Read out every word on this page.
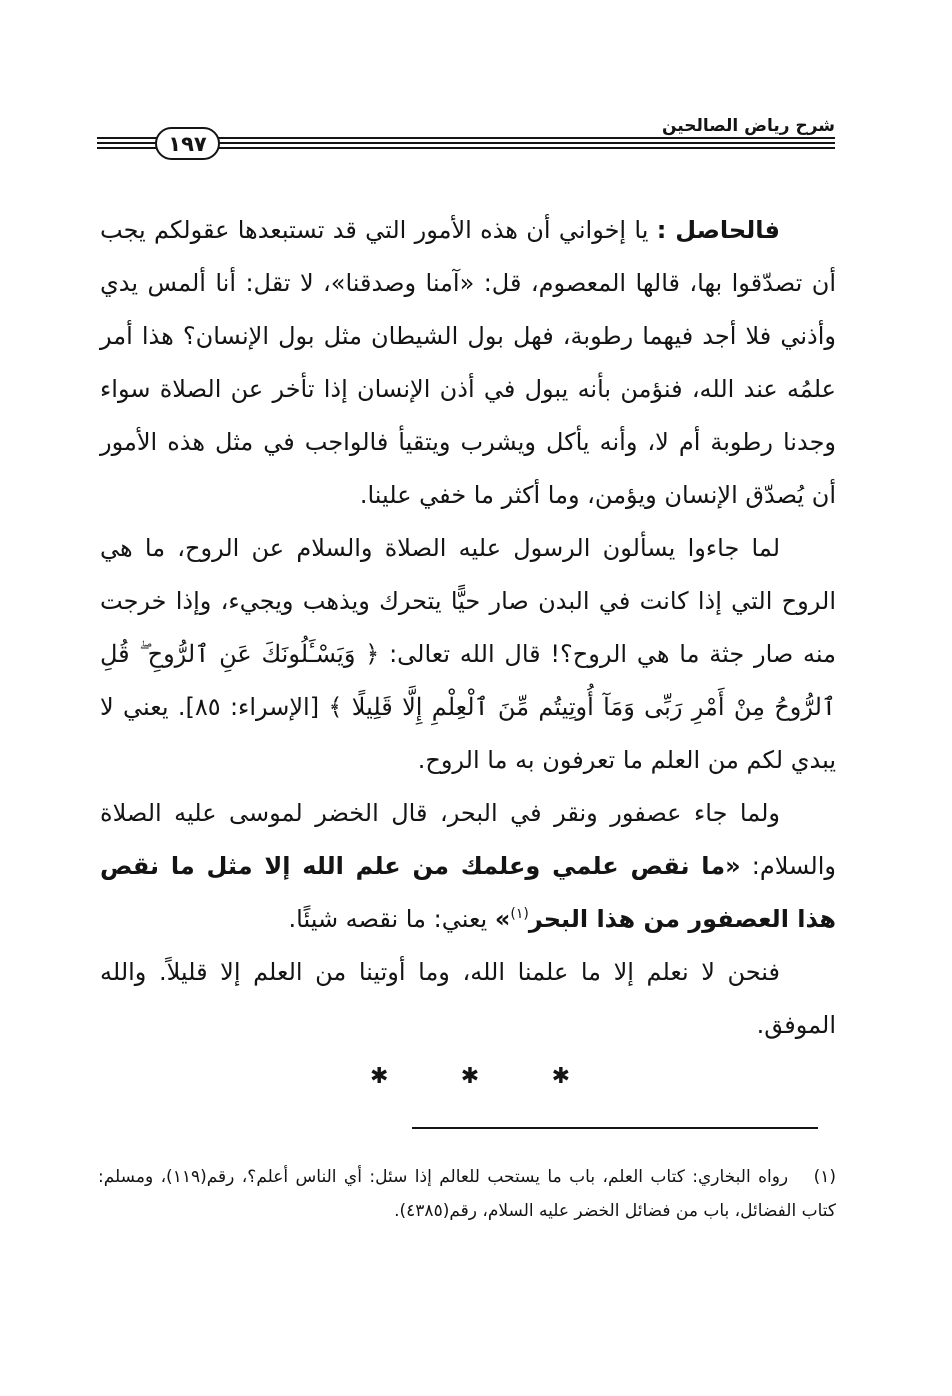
شرح رياض الصالحين
١٩٧

فالحاصل : يا إخواني أن هذه الأمور التي قد تستبعدها عقولكم يجب أن تصدّقوا بها، قالها المعصوم، قل: «آمنا وصدقنا»، لا تقل: أنا ألمس يدي وأذني فلا أجد فيهما رطوبة، فهل بول الشيطان مثل بول الإنسان؟ هذا أمر علمُه عند الله، فنؤمن بأنه يبول في أذن الإنسان إذا تأخر عن الصلاة سواء وجدنا رطوبة أم لا، وأنه يأكل ويشرب ويتقيأ فالواجب في مثل هذه الأمور أن يُصدّق الإنسان ويؤمن، وما أكثر ما خفي علينا.

لما جاءوا يسألون الرسول عليه الصلاة والسلام عن الروح، ما هي الروح التي إذا كانت في البدن صار حيًّا يتحرك ويذهب ويجيء، وإذا خرجت منه صار جثة ما هي الروح؟! قال الله تعالى: ﴿ وَيَسْـَٔلُونَكَ عَنِ ٱلرُّوحِ ۖ قُلِ ٱلرُّوحُ مِنْ أَمْرِ رَبِّى وَمَآ أُوتِيتُم مِّنَ ٱلْعِلْمِ إِلَّا قَلِيلًا ﴾ [الإسراء: ٨٥]. يعني لا يبدي لكم من العلم ما تعرفون به ما الروح.

ولما جاء عصفور ونقر في البحر، قال الخضر لموسى عليه الصلاة والسلام: «ما نقص علمي وعلمك من علم الله إلا مثل ما نقص هذا العصفور من هذا البحر$^{(١)}$» يعني: ما نقصه شيئًا.

فنحن لا نعلم إلا ما علمنا الله، وما أوتينا من العلم إلا قليلاً. والله الموفق.

✱	✱	✱

(١) رواه البخاري: كتاب العلم، باب ما يستحب للعالم إذا سئل: أي الناس أعلم؟، رقم(١١٩)، ومسلم: كتاب الفضائل، باب من فضائل الخضر عليه السلام، رقم(٤٣٨٥).
